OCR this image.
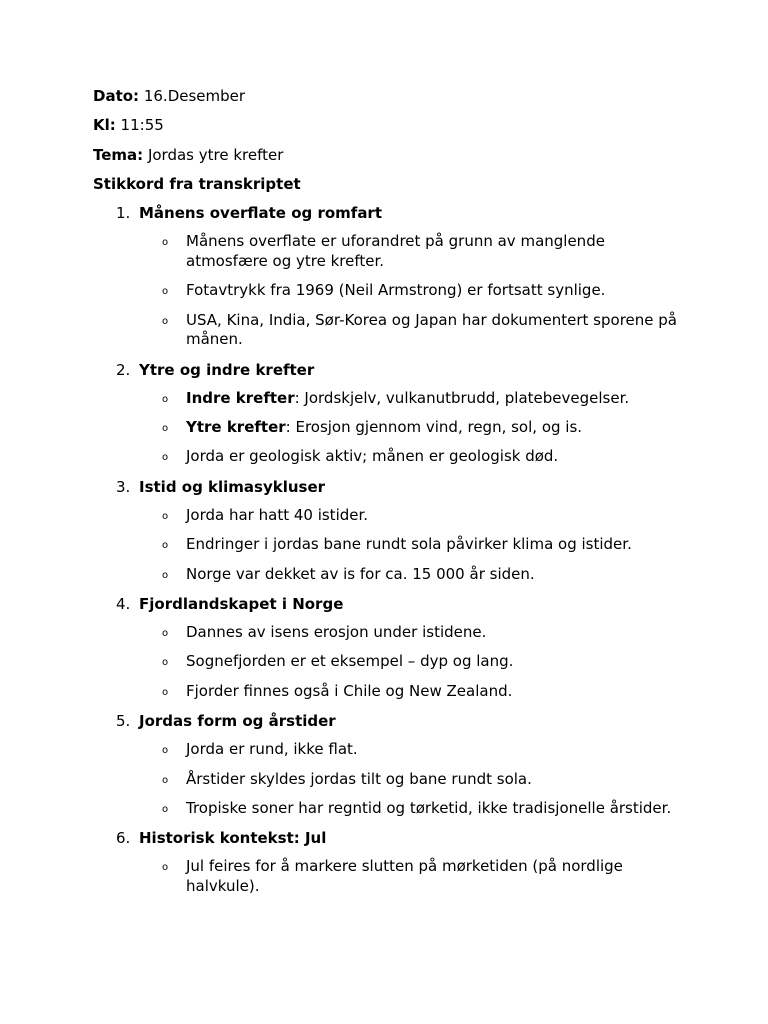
Dato: 16.Desember
Kl: 11:55
Tema: Jordas ytre krefter
Stikkord fra transkriptet
1. Månens overflate og romfart
o Månens overflate er uforandret på grunn av manglende atmosfære og ytre krefter.
o Fotavtrykk fra 1969 (Neil Armstrong) er fortsatt synlige.
o USA, Kina, India, Sør-Korea og Japan har dokumentert sporene på månen.
2. Ytre og indre krefter
o Indre krefter: Jordskjelv, vulkanutbrudd, platebevegelser.
o Ytre krefter: Erosjon gjennom vind, regn, sol, og is.
o Jorda er geologisk aktiv; månen er geologisk død.
3. Istid og klimasykluser
o Jorda har hatt 40 istider.
o Endringer i jordas bane rundt sola påvirker klima og istider.
o Norge var dekket av is for ca. 15 000 år siden.
4. Fjordlandskapet i Norge
o Dannes av isens erosjon under istidene.
o Sognefjorden er et eksempel – dyp og lang.
o Fjorder finnes også i Chile og New Zealand.
5. Jordas form og årstider
o Jorda er rund, ikke flat.
o Årstider skyldes jordas tilt og bane rundt sola.
o Tropiske soner har regntid og tørketid, ikke tradisjonelle årstider.
6. Historisk kontekst: Jul
o Jul feires for å markere slutten på mørketiden (på nordlige halvkule).
